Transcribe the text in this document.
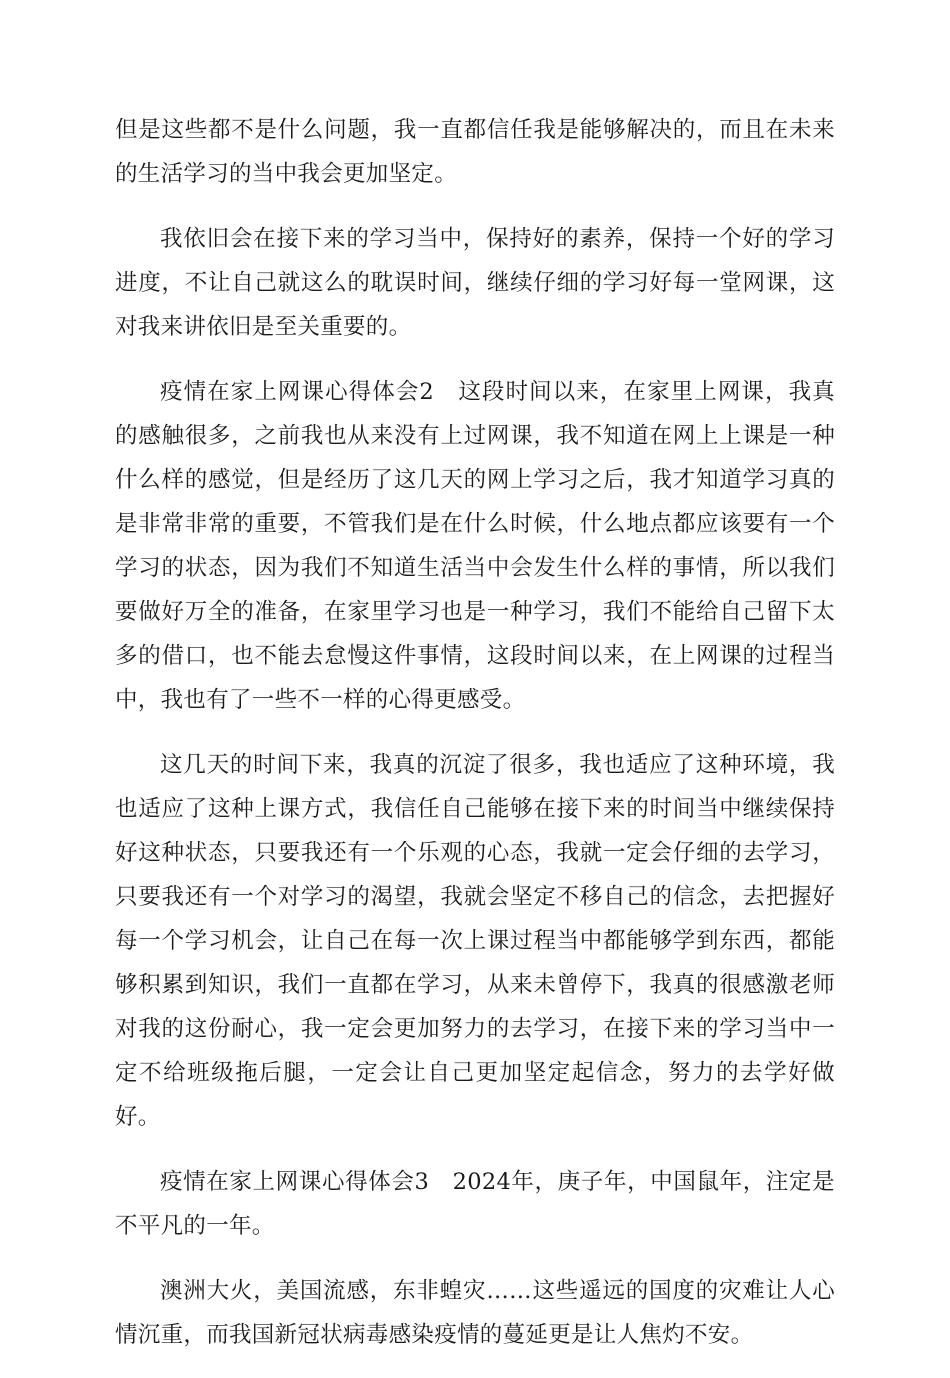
但是这些都不是什么问题，我一直都信任我是能够解决的，而且在未来的生活学习的当中我会更加坚定。

我依旧会在接下来的学习当中，保持好的素养，保持一个好的学习进度，不让自己就这么的耽误时间，继续仔细的学习好每一堂网课，这对我来讲依旧是至关重要的。

疫情在家上网课心得体会2　这段时间以来，在家里上网课，我真的感触很多，之前我也从来没有上过网课，我不知道在网上上课是一种什么样的感觉，但是经历了这几天的网上学习之后，我才知道学习真的是非常非常的重要，不管我们是在什么时候，什么地点都应该要有一个学习的状态，因为我们不知道生活当中会发生什么样的事情，所以我们要做好万全的准备，在家里学习也是一种学习，我们不能给自己留下太多的借口，也不能去怠慢这件事情，这段时间以来，在上网课的过程当中，我也有了一些不一样的心得更感受。

这几天的时间下来，我真的沉淀了很多，我也适应了这种环境，我也适应了这种上课方式，我信任自己能够在接下来的时间当中继续保持好这种状态，只要我还有一个乐观的心态，我就一定会仔细的去学习，只要我还有一个对学习的渴望，我就会坚定不移自己的信念，去把握好每一个学习机会，让自己在每一次上课过程当中都能够学到东西，都能够积累到知识，我们一直都在学习，从来未曾停下，我真的很感激老师对我的这份耐心，我一定会更加努力的去学习，在接下来的学习当中一定不给班级拖后腿，一定会让自己更加坚定起信念，努力的去学好做好。

疫情在家上网课心得体会3　2024年，庚子年，中国鼠年，注定是不平凡的一年。

澳洲大火，美国流感，东非蝗灾……这些遥远的国度的灾难让人心情沉重，而我国新冠状病毒感染疫情的蔓延更是让人焦灼不安。
